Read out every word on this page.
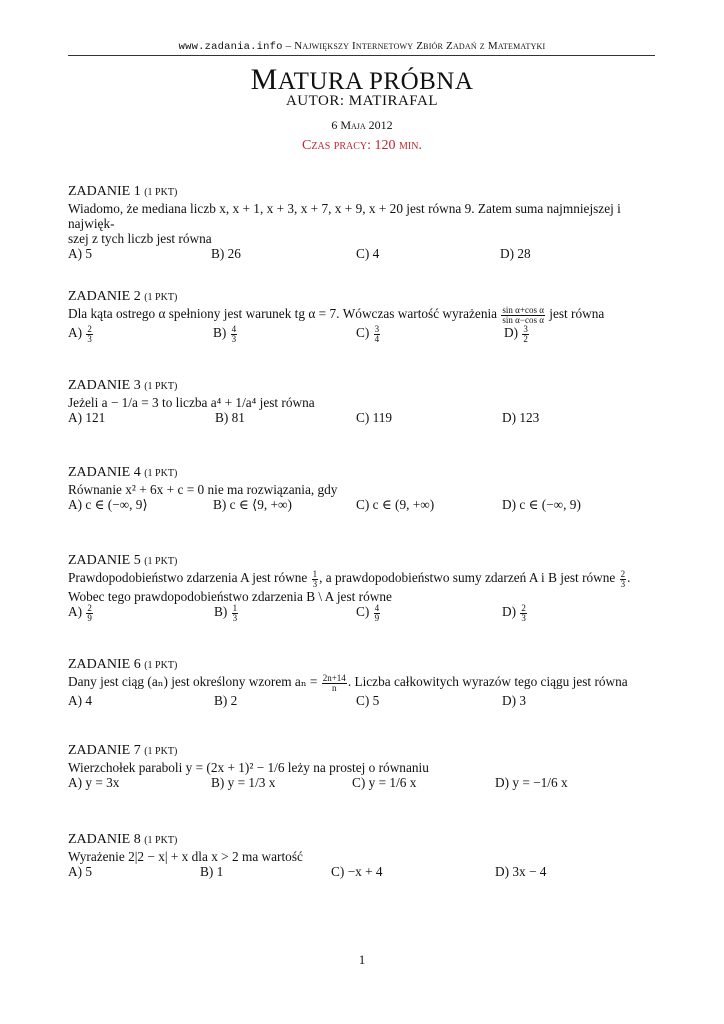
www.zadania.info – Największy Internetowy Zbiór Zadań z Matematyki
MATURA PRÓBNA
AUTOR: MATIRAFAL
6 Maja 2012
Czas pracy: 120 min.
ZADANIE 1 (1 PKT)
Wiadomo, że mediana liczb x, x + 1, x + 3, x + 7, x + 9, x + 20 jest równa 9. Zatem suma najmniejszej i najwięk-
szej z tych liczb jest równa
A) 5	B) 26	C) 4	D) 28
ZADANIE 2 (1 PKT)
Dla kąta ostrego α spełniony jest warunek tg α = 7. Wówczas wartość wyrażenia $\frac{\text{sin α+cos α}}{\text{sin α−cos α}}$ jest równa
$A) \frac{2}{3}$	$B) \frac{4}{3}$	$C) \frac{3}{4}$	$D) \frac{3}{2}$
ZADANIE 3 (1 PKT)
Jeżeli a − 1/a = 3 to liczba a⁴ + 1/a⁴ jest równa
A) 121	B) 81	C) 119	D) 123
ZADANIE 4 (1 PKT)
Równanie x² + 6x + c = 0 nie ma rozwiązania, gdy
A) c ∈ (−∞, 9⟩	B) c ∈ ⟨9, +∞)	C) c ∈ (9, +∞)	D) c ∈ (−∞, 9)
ZADANIE 5 (1 PKT)
Prawdopodobieństwo zdarzenia A jest równe $\frac{1}{3}$ , a prawdopodobieństwo sumy zdarzeń A i B jest równe $\frac{2}{3}$ .
Wobec tego prawdopodobieństwo zdarzenia B \ A jest równe
$A) \frac{2}{9}$	$B) \frac{1}{3}$	$C) \frac{4}{9}$	$D) \frac{2}{3}$
ZADANIE 6 (1 PKT)
Dany jest ciąg (aₙ) jest określony wzorem $a_n = \frac{2n+14}{n}$ . Liczba całkowitych wyrazów tego ciągu jest równa
A) 4	B) 2	C) 5	D) 3
ZADANIE 7 (1 PKT)
Wierzchołek paraboli y = (2x + 1)² − 1/6 leży na prostej o równaniu
A) y = 3x	B) y = 1/3 x	C) y = 1/6 x	D) y = −1/6 x
ZADANIE 8 (1 PKT)
Wyrażenie 2|2 − x| + x dla x > 2 ma wartość
A) 5	B) 1	C) −x + 4	D) 3x − 4
1
